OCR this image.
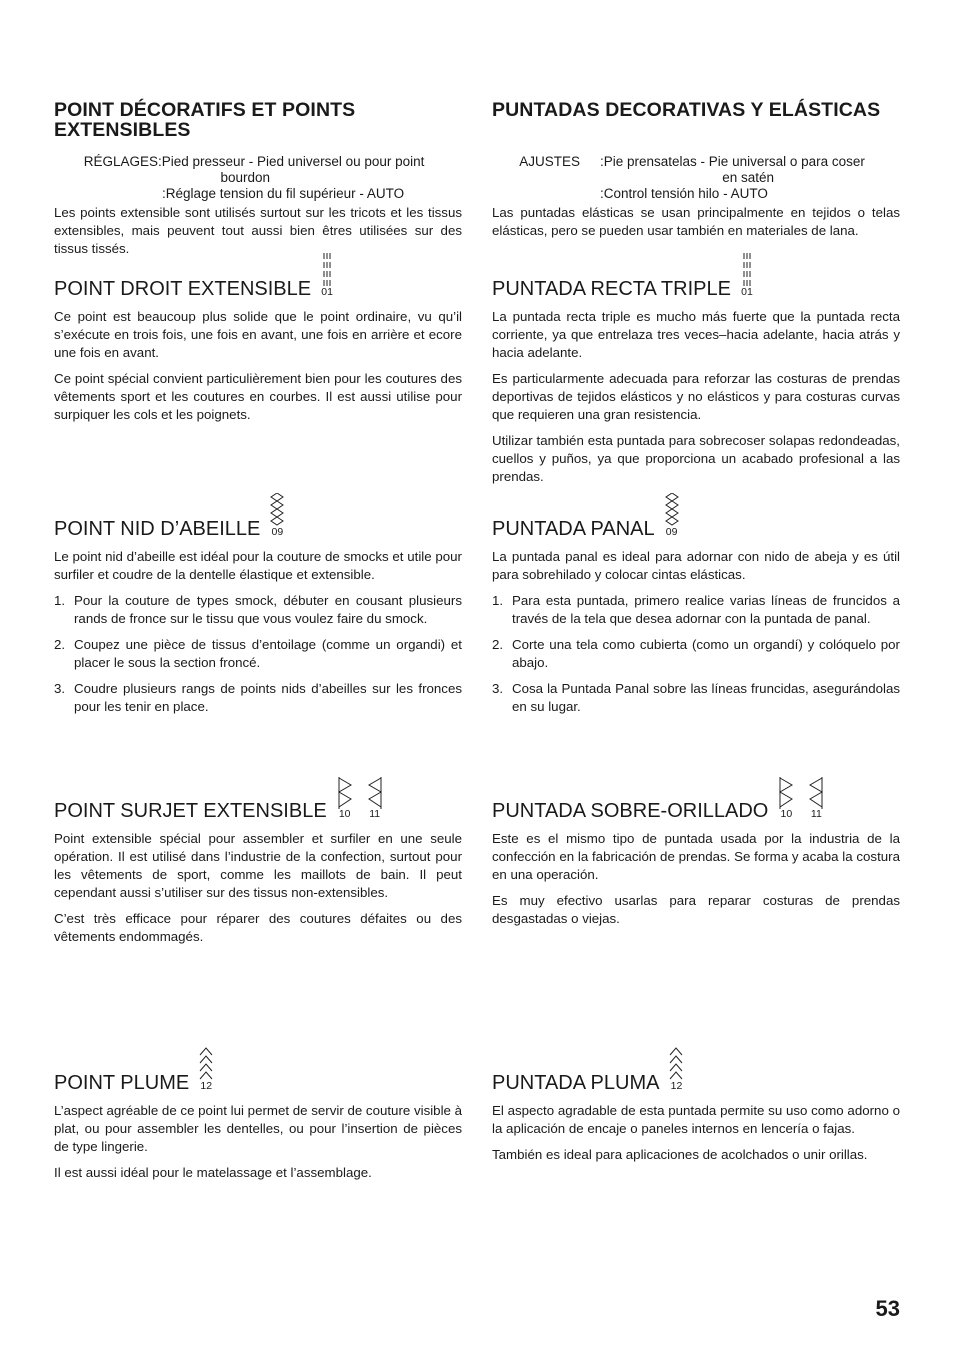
POINT DÉCORATIFS ET POINTS EXTENSIBLES
RÉGLAGES :Pied presseur - Pied universel ou pour point
bourdon
:Réglage tension du fil supérieur - AUTO

Les points extensible sont utilisés surtout sur les tricots et les tissus extensibles, mais peuvent tout aussi bien êtres utilisées sur des tissus tissés.

POINT DROIT EXTENSIBLE 01

Ce point est beaucoup plus solide que le point ordinaire, vu qu’il s’exécute en trois fois, une fois en avant, une fois en arrière et ecore une fois en avant.

Ce point spécial convient particulièrement bien pour les coutures des vêtements sport et les coutures en courbes. Il est aussi utilise pour surpiquer les cols et les poignets.

POINT NID D’ABEILLE 09

Le point nid d’abeille est idéal pour la couture de smocks et utile pour surfiler et coudre de la dentelle élastique et extensible.

1. Pour la couture de types smock, débuter en cousant plusieurs rands de fronce sur le tissu que vous voulez faire du smock.
2. Coupez une pièce de tissus d’entoilage (comme un organdi) et placer le sous la section froncé.
3. Coudre plusieurs rangs de points nids d’abeilles sur les fronces pour les tenir en place.
POINT SURJET EXTENSIBLE 10 11

Point extensible spécial pour assembler et surfiler en une seule opération. Il est utilisé dans l’industrie de la confection, surtout pour les vêtements de sport, comme les maillots de bain. Il peut cependant aussi s’utiliser sur des tissus non-extensibles.

C’est très efficace pour réparer des coutures défaites ou des vêtements endommagés.

POINT PLUME 12

L’aspect agréable de ce point lui permet de servir de couture visible à plat, ou pour assembler les dentelles, ou pour l’insertion de pièces de type lingerie.

Il est aussi idéal pour le matelassage et l’assemblage.

PUNTADAS DECORATIVAS Y ELÁSTICAS
AJUSTES :Pie prensatelas - Pie universal o para coser
en satén
:Control tensión hilo - AUTO

Las puntadas elásticas se usan principalmente en tejidos o telas elásticas, pero se pueden usar también en materiales de lana.

PUNTADA RECTA TRIPLE 01

La puntada recta triple es mucho más fuerte que la puntada recta corriente, ya que entrelaza tres veces–hacia adelante, hacia atrás y hacia adelante.

Es particularmente adecuada para reforzar las costuras de prendas deportivas de tejidos elásticos y no elásticos y para costuras curvas que requieren una gran resistencia.

Utilizar también esta puntada para sobrecoser solapas redondeadas, cuellos y puños, ya que proporciona un acabado profesional a las prendas.

PUNTADA PANAL 09

La puntada panal es ideal para adornar con nido de abeja y es útil para sobrehilado y colocar cintas elásticas.

1. Para esta puntada, primero realice varias líneas de fruncidos a través de la tela que desea adornar con la puntada de panal.
2. Corte una tela como cubierta (como un organdí) y colóquelo por abajo.
3. Cosa la Puntada Panal sobre las líneas fruncidas, asegurándolas en su lugar.
PUNTADA SOBRE-ORILLADO 10 11

Este es el mismo tipo de puntada usada por la industria de la confección en la fabricación de prendas. Se forma y acaba la costura en una operación.

Es muy efectivo usarlas para reparar costuras de prendas desgastadas o viejas.

PUNTADA PLUMA 12

El aspecto agradable de esta puntada permite su uso como adorno o la aplicación de encaje o paneles internos en lencería o fajas.

También es ideal para aplicaciones de acolchados o unir orillas.

53
